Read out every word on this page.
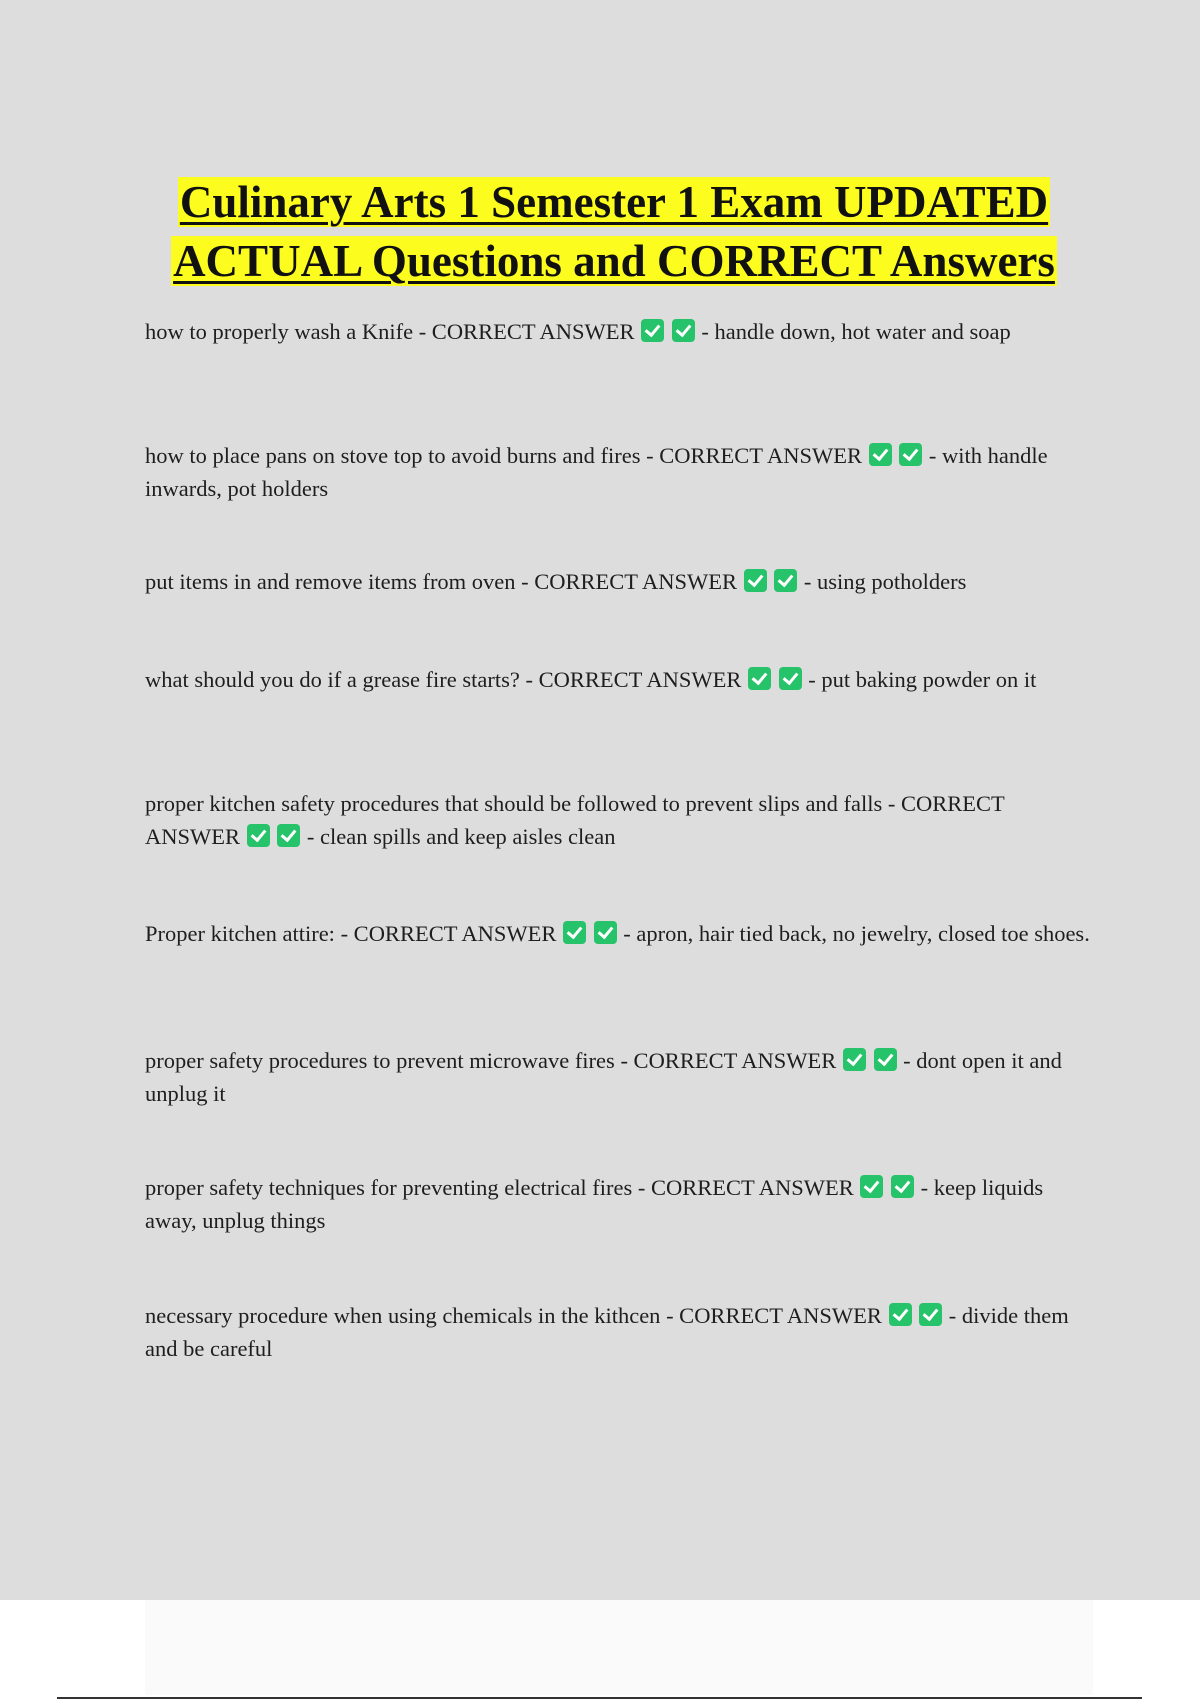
Culinary Arts 1 Semester 1 Exam UPDATED ACTUAL Questions and CORRECT Answers
how to properly wash a Knife - CORRECT ANSWER	- handle down, hot water and soap
how to place pans on stove top to avoid burns and fires - CORRECT ANSWER	- with handle inwards, pot holders
put items in and remove items from oven - CORRECT ANSWER	- using potholders
what should you do if a grease fire starts? - CORRECT ANSWER	- put baking powder on it
proper kitchen safety procedures that should be followed to prevent slips and falls - CORRECT ANSWER	- clean spills and keep aisles clean
Proper kitchen attire: - CORRECT ANSWER	- apron, hair tied back, no jewelry, closed toe shoes.
proper safety procedures to prevent microwave fires - CORRECT ANSWER	- dont open it and unplug it
proper safety techniques for preventing electrical fires - CORRECT ANSWER	- keep liquids away, unplug things
necessary procedure when using chemicals in the kithcen - CORRECT ANSWER	- divide them and be careful
